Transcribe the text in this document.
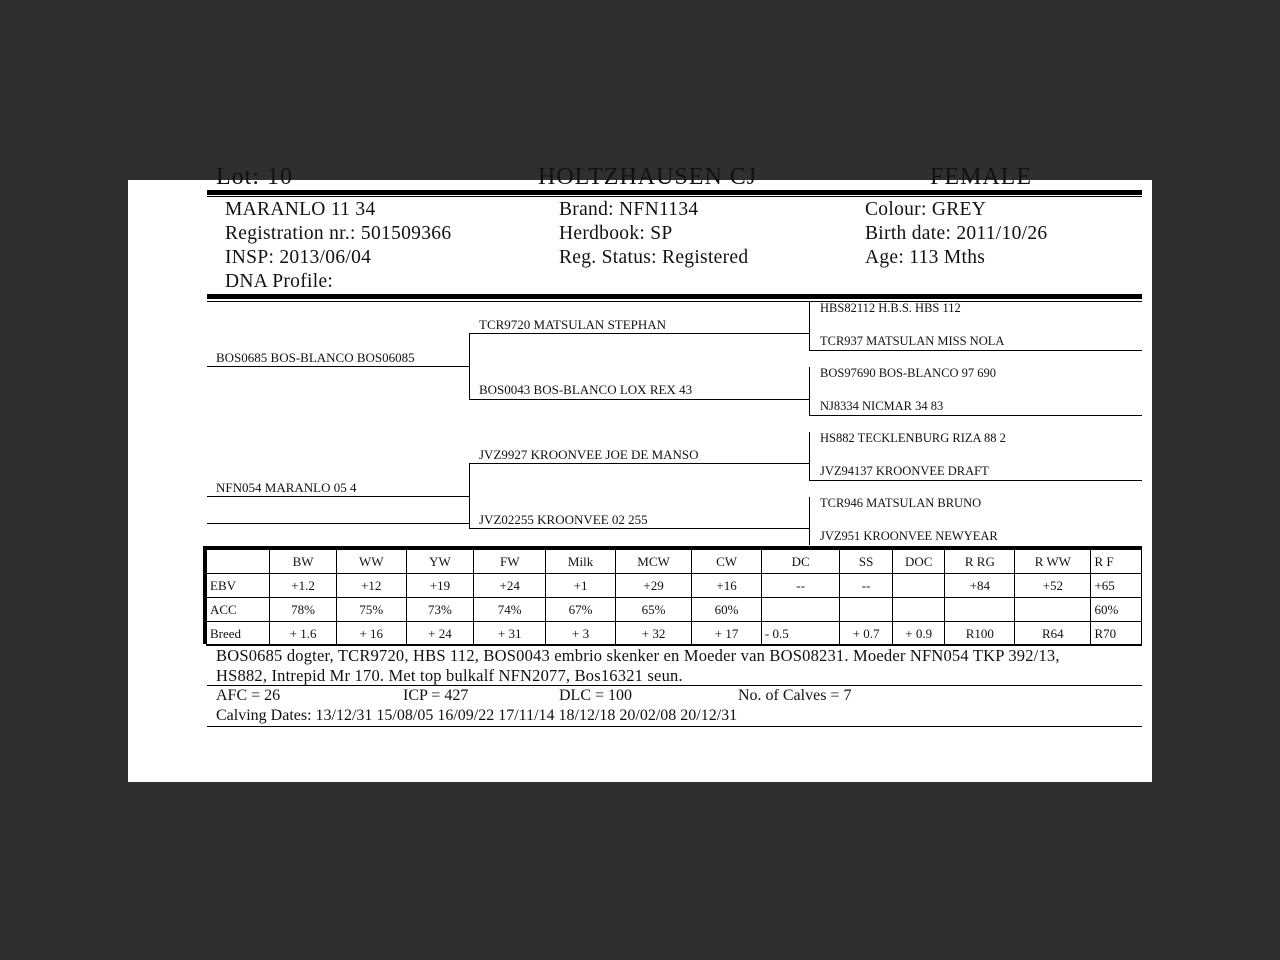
Lot: 10	HOLTZHAUSEN CJ	FEMALE
MARANLO 11 34
Registration nr.: 501509366
INSP: 2013/06/04
DNA Profile:
Brand: NFN1134
Herdbook: SP
Reg. Status: Registered
Colour: GREY
Birth date: 2011/10/26
Age: 113 Mths
BOS0685 BOS-BLANCO BOS06085
NFN054 MARANLO 05 4
TCR9720 MATSULAN STEPHAN
BOS0043 BOS-BLANCO LOX REX 43
JVZ9927 KROONVEE JOE DE MANSO
JVZ02255 KROONVEE 02 255
HBS82112 H.B.S. HBS 112
TCR937 MATSULAN MISS NOLA
BOS97690 BOS-BLANCO 97 690
NJ8334 NICMAR 34 83
HS882 TECKLENBURG RIZA 88 2
JVZ94137 KROONVEE DRAFT
TCR946 MATSULAN BRUNO
JVZ951 KROONVEE NEWYEAR
	BW	WW	YW	FW	Milk	MCW	CW	DC	SS	DOC	R RG	R WW	R F
EBV	+1.2	+12	+19	+24	+1	+29	+16	--	--		+84	+52	+65
ACC	78%	75%	73%	74%	67%	65%	60%						60%
Breed	+ 1.6	+ 16	+ 24	+ 31	+ 3	+ 32	+ 17	- 0.5	+ 0.7	+ 0.9	R100	R64	R70
BOS0685 dogter, TCR9720, HBS 112, BOS0043 embrio skenker en Moeder van BOS08231. Moeder NFN054 TKP 392/13,
HS882, Intrepid Mr 170. Met top bulkalf NFN2077, Bos16321 seun.
AFC = 26	ICP = 427	DLC = 100	No. of Calves = 7
Calving Dates: 13/12/31 15/08/05 16/09/22 17/11/14 18/12/18 20/02/08 20/12/31
